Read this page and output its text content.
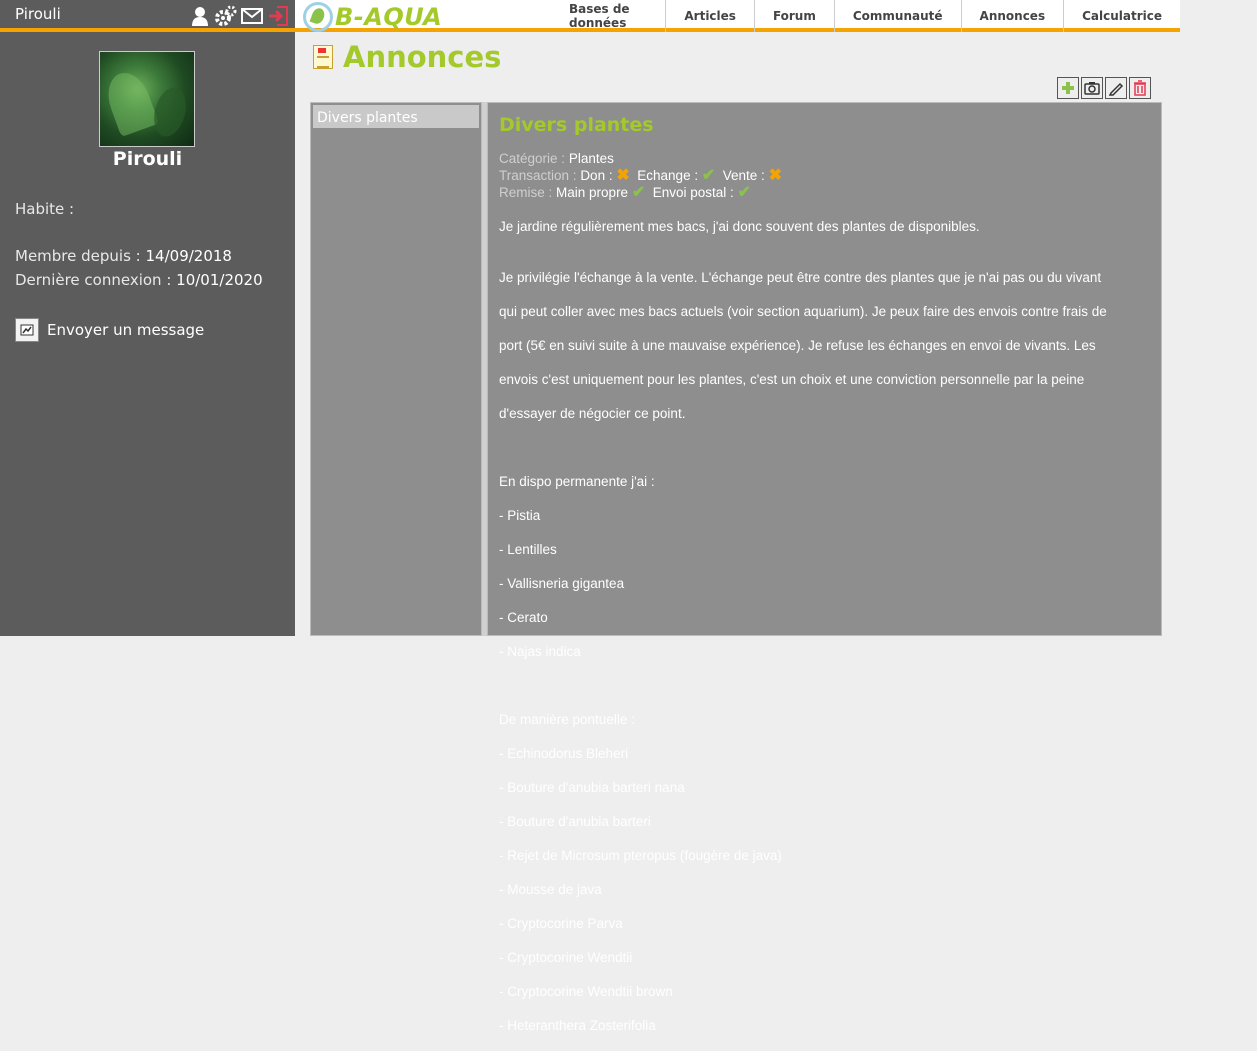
Pirouli
Pirouli
Habite :
Membre depuis : 14/09/2018
Dernière connexion : 10/01/2020
Envoyer un message
B-AQUA	Bases de données	Articles	Forum	Communauté	Annonces	Calculatrice
Annonces
Divers plantes	Divers plantes
Catégorie : Plantes
Transaction : Don : ✖ Echange : ✔ Vente : ✖
Remise : Main propre ✔ Envoi postal : ✔
Je jardine régulièrement mes bacs, j'ai donc souvent des plantes de disponibles.

Je privilégie l'échange à la vente. L'échange peut être contre des plantes que je n'ai pas ou du vivant

qui peut coller avec mes bacs actuels (voir section aquarium). Je peux faire des envois contre frais de

port (5€ en suivi suite à une mauvaise expérience). Je refuse les échanges en envoi de vivants. Les

envois c'est uniquement pour les plantes, c'est un choix et une conviction personnelle par la peine

d'essayer de négocier ce point.

En dispo permanente j'ai :

- Pistia

- Lentilles

- Vallisneria gigantea

- Cerato

- Najas indica

De manière pontuelle :

- Echinodorus Bleheri

- Bouture d'anubia barteri nana

- Bouture d'anubia barteri

- Rejet de Microsum pteropus (fougère de java)

- Mousse de java

- Cryptocorine Parva

- Cryptocorine Wendtii

- Cryptocorine Wendtii brown

- Heteranthera Zosterifolia
